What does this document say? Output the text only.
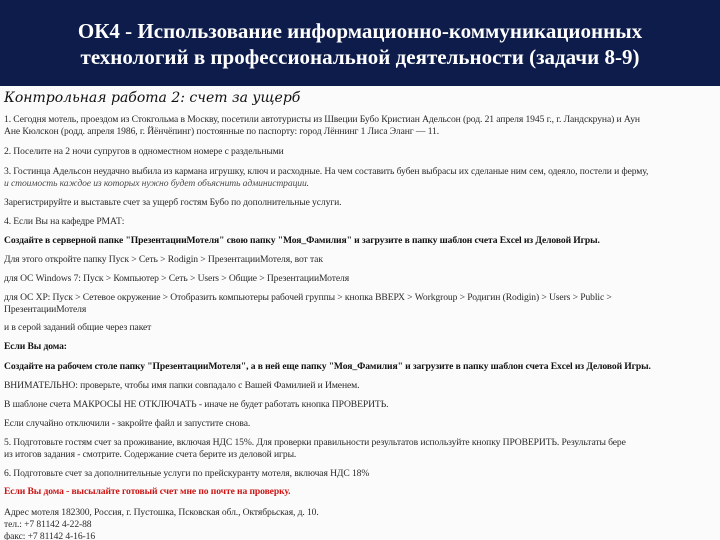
ОК4 - Использование информационно-коммуникационных
технологий в профессиональной деятельности (задачи 8-9)
Контрольная работа 2: счет за ущерб
1. Сегодня мотель, проездом из Стокгольма в Москву, посетили автотуристы из Швеции Бубо Кристиан Адельсон (род. 21 апреля 1945 г., г. Ландскруна) и Аун
Ане Кюлскoн (родд. апреля 1986, г. Йёнчёпинг) постоянные по паспорту: город Лённинг 1 Лиса Эланг — 11.
2. Поселите на 2 ночи супругов в одноместном номере с раздельными
3. Гостинца Адельсон неудачно выбила из кармана игрушку, ключ и расходные. На чем составить бубен выбрасы их сделаные ним сем, одеяло, постели и ферму,
и стоимость каждое из которых нужно будет объяснить администрации.
Зарегистрируйте и выставьте счет за ущерб гостям Бубо по дополнительные услуги.
4. Если Вы на кафедре РМАТ:
Создайте в серверной папке "ПрезентацииМотеля" свою папку "Моя_Фамилия" и загрузите в папку шаблон счета Excel из Деловой Игры.
Для этого откройте папку Пуск > Сеть > Rodigin > ПрезентацииМотеля, вот так
для ОС Windows 7: Пуск > Компьютер > Сеть > Users > Общие > ПрезентацииМотеля
для ОС XP: Пуск > Сетевое окружение > Отобразить компьютеры рабочей группы > кнопка ВВЕРХ > Workgroup > Родигин (Rodigin) > Users > Public >
ПрезентацииМотеля
и в серой заданий общие через пакет
Если Вы дома:
Создайте на рабочем столе папку "ПрезентацииМотеля", а в ней еще папку "Моя_Фамилия" и загрузите в папку шаблон счета Excel из Деловой Игры.
ВНИМАТЕЛЬНО: проверьте, чтобы имя папки совпадало с Вашей Фамилией и Именем.
В шаблоне счета МАКРОСЫ НЕ ОТКЛЮЧАТЬ - иначе не будет работать кнопка ПРОВЕРИТЬ.
Если случайно отключили - закройте файл и запустите снова.
5. Подготовьте гостям счет за проживание, включая НДС 15%. Для проверки правильности результатов используйте кнопку ПРОВЕРИТЬ. Результаты бере
из итогов задания - смотрите. Содержание счета берите из деловой игры.
6. Подготовьте счет за дополнительные услуги по прейскуранту мотеля, включая НДС 18%
Если Вы дома - высылайте готовый счет мне по почте на проверку.
Адрес мотеля 182300, Россия, г. Пустошка, Псковская обл., Октябрьская, д. 10.
тел.: +7 81142 4-22-88
факс: +7 81142 4-16-16
